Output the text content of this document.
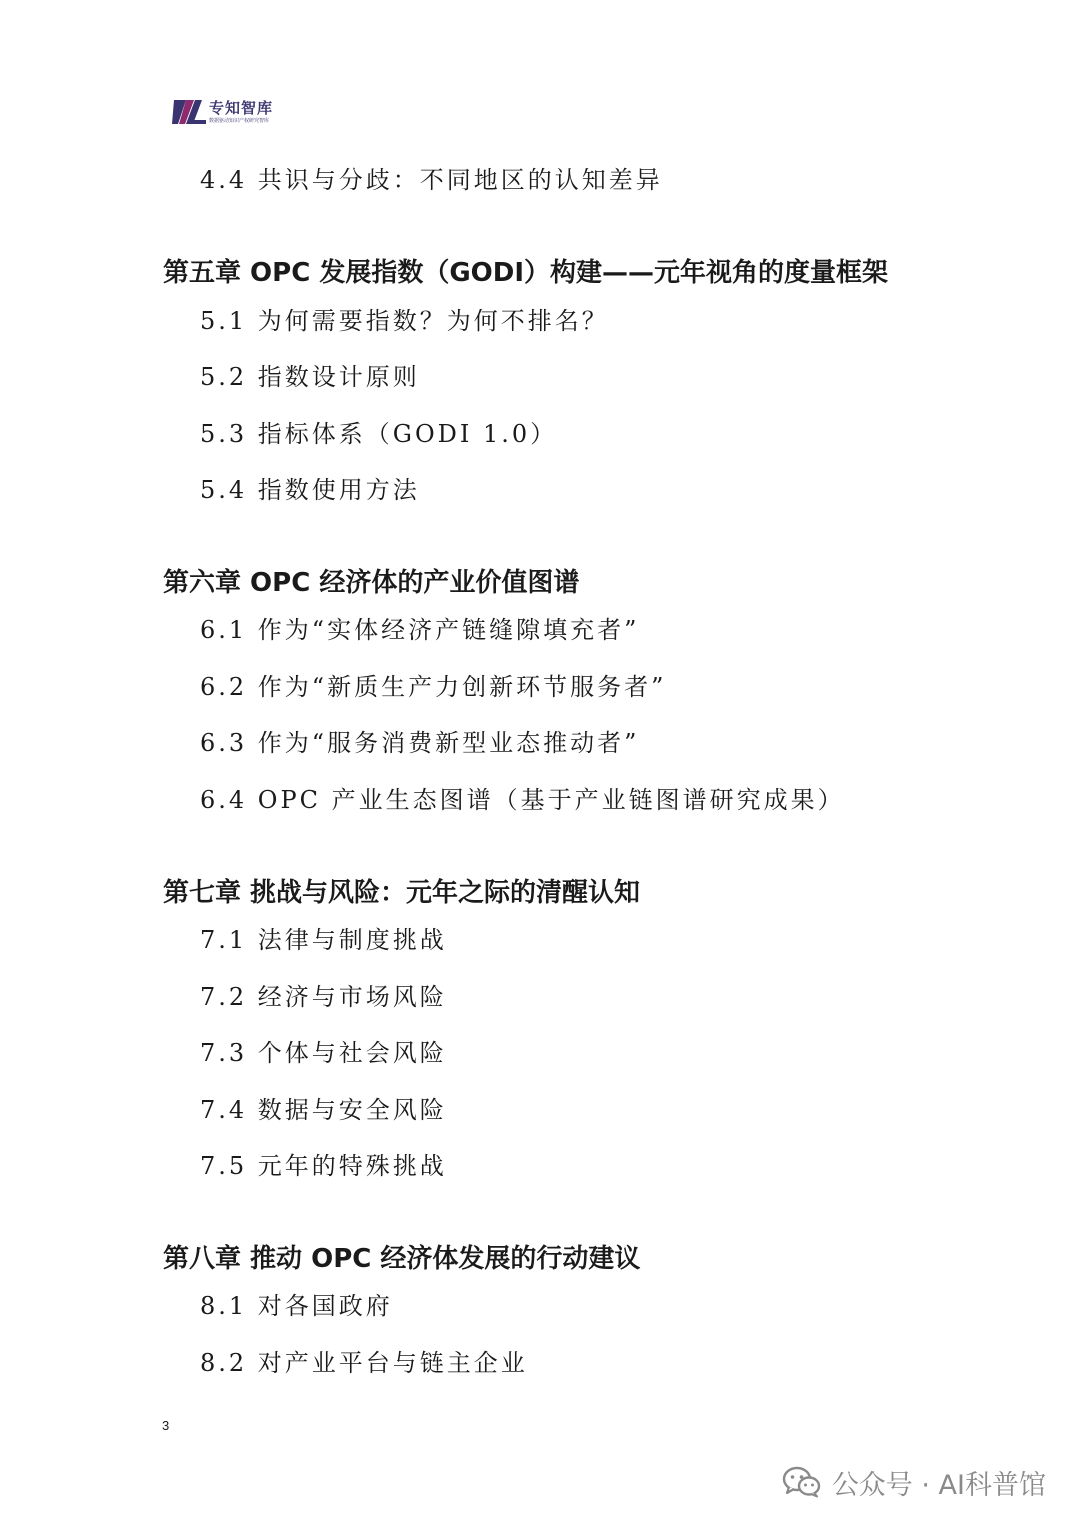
专知智库
数据驱动知识产权研究智库
4.4 共识与分歧：不同地区的认知差异
第五章 OPC 发展指数（GODI）构建——元年视角的度量框架
5.1 为何需要指数？为何不排名？
5.2 指数设计原则
5.3 指标体系（GODI 1.0）
5.4 指数使用方法
第六章 OPC 经济体的产业价值图谱
6.1 作为“实体经济产链缝隙填充者”
6.2 作为“新质生产力创新环节服务者”
6.3 作为“服务消费新型业态推动者”
6.4 OPC 产业生态图谱（基于产业链图谱研究成果）
第七章 挑战与风险：元年之际的清醒认知
7.1 法律与制度挑战
7.2 经济与市场风险
7.3 个体与社会风险
7.4 数据与安全风险
7.5 元年的特殊挑战
第八章 推动 OPC 经济体发展的行动建议
8.1 对各国政府
8.2 对产业平台与链主企业
3
公众号 · AI科普馆
